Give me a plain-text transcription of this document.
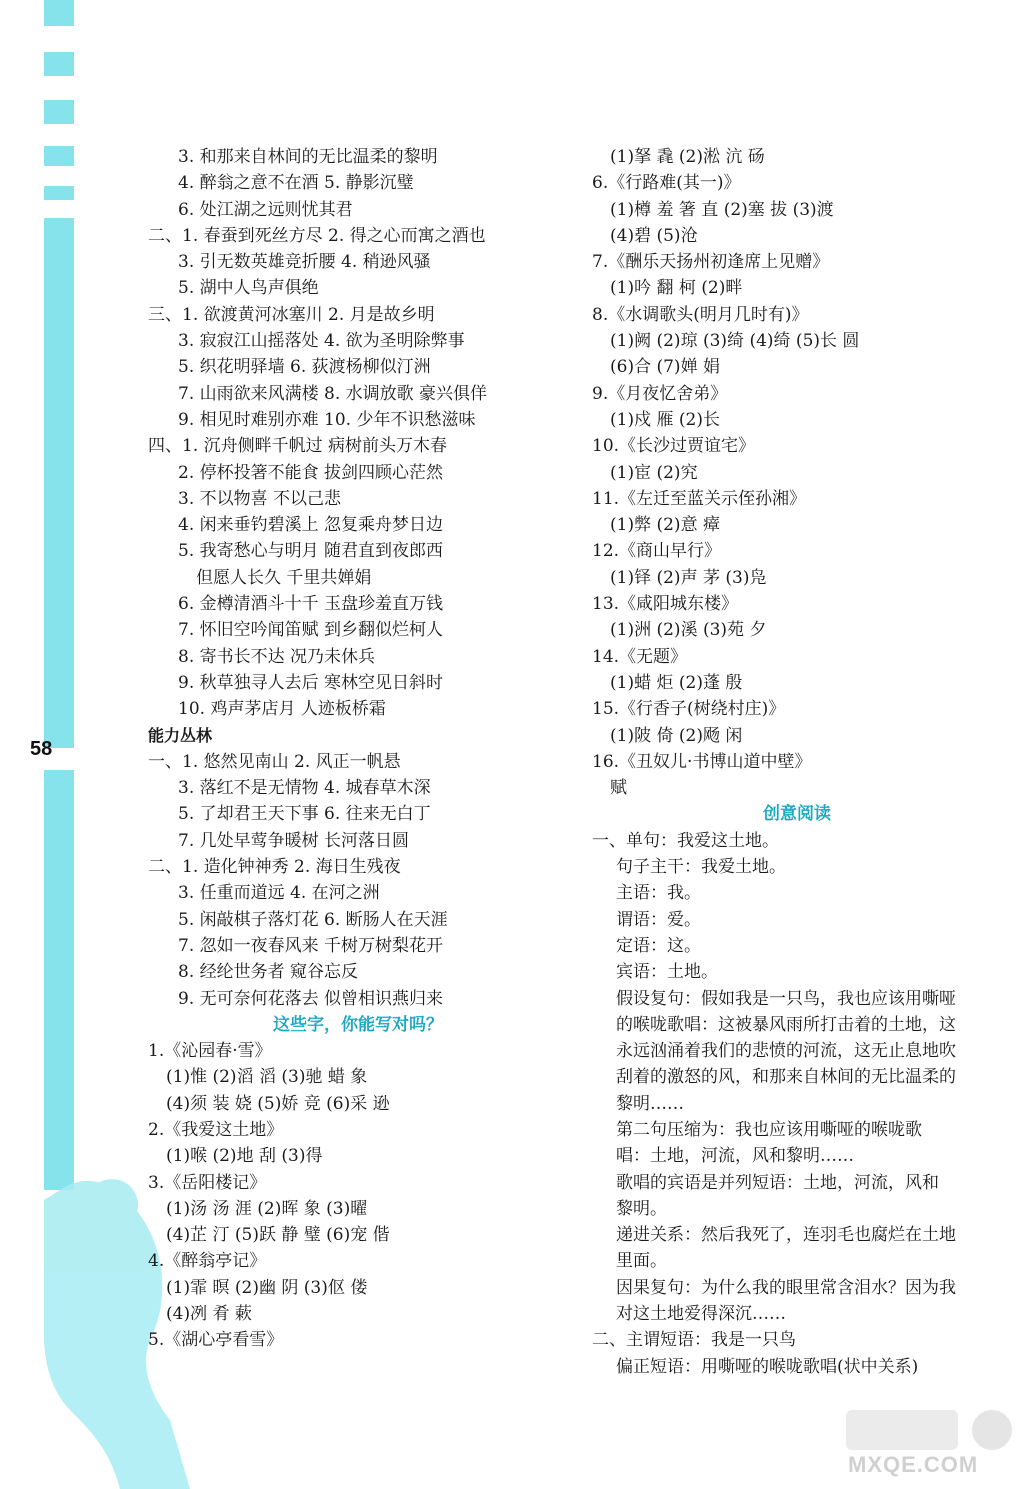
58
3. 和那来自林间的无比温柔的黎明
4. 醉翁之意不在酒 5. 静影沉璧
6. 处江湖之远则忧其君
二、1. 春蚕到死丝方尽 2. 得之心而寓之酒也
3. 引无数英雄竞折腰 4. 稍逊风骚
5. 湖中人鸟声俱绝
三、1. 欲渡黄河冰塞川 2. 月是故乡明
3. 寂寂江山摇落处 4. 欲为圣明除弊事
5. 织花明驿墙 6. 荻渡杨柳似汀洲
7. 山雨欲来风满楼 8. 水调放歌 豪兴俱佯
9. 相见时难别亦难 10. 少年不识愁滋味
四、1. 沉舟侧畔千帆过 病树前头万木春
2. 停杯投箸不能食 拔剑四顾心茫然
3. 不以物喜 不以己悲
4. 闲来垂钓碧溪上 忽复乘舟梦日边
5. 我寄愁心与明月 随君直到夜郎西
但愿人长久 千里共婵娟
6. 金樽清酒斗十千 玉盘珍羞直万钱
7. 怀旧空吟闻笛赋 到乡翻似烂柯人
8. 寄书长不达 况乃未休兵
9. 秋草独寻人去后 寒林空见日斜时
10. 鸡声茅店月 人迹板桥霜
能力丛林
一、1. 悠然见南山 2. 风正一帆悬
3. 落红不是无情物 4. 城春草木深
5. 了却君王天下事 6. 往来无白丁
7. 几处早莺争暖树 长河落日圆
二、1. 造化钟神秀 2. 海日生残夜
3. 任重而道远 4. 在河之洲
5. 闲敲棋子落灯花 6. 断肠人在天涯
7. 忽如一夜春风来 千树万树梨花开
8. 经纶世务者 窥谷忘反
9. 无可奈何花落去 似曾相识燕归来
这些字，你能写对吗？
1.《沁园春·雪》
(1)惟 (2)滔 滔 (3)驰 蜡 象
(4)须 装 娆 (5)娇 竞 (6)采 逊
2.《我爱这土地》
(1)喉 (2)地 刮 (3)得
3.《岳阳楼记》
(1)汤 汤 涯 (2)晖 象 (3)曜
(4)芷 汀 (5)跃 静 璧 (6)宠 偕
4.《醉翁亭记》
(1)霏 暝 (2)幽 阴 (3)伛 偻
(4)冽 肴 蔌
5.《湖心亭看雪》
(1)拏 毳 (2)淞 沆 砀
6.《行路难(其一)》
(1)樽 羞 箸 直 (2)塞 拔 (3)渡
(4)碧 (5)沧
7.《酬乐天扬州初逢席上见赠》
(1)吟 翻 柯 (2)畔
8.《水调歌头(明月几时有)》
(1)阙 (2)琼 (3)绮 (4)绮 (5)长 圆
(6)合 (7)婵 娟
9.《月夜忆舍弟》
(1)戍 雁 (2)长
10.《长沙过贾谊宅》
(1)宦 (2)究
11.《左迁至蓝关示侄孙湘》
(1)弊 (2)意 瘴
12.《商山早行》
(1)铎 (2)声 茅 (3)凫
13.《咸阳城东楼》
(1)洲 (2)溪 (3)苑 夕
14.《无题》
(1)蜡 炬 (2)蓬 殷
15.《行香子(树绕村庄)》
(1)陂 倚 (2)飏 闲
16.《丑奴儿·书博山道中壁》
赋
创意阅读
一、单句：我爱这土地。
句子主干：我爱土地。
主语：我。
谓语：爱。
定语：这。
宾语：土地。
假设复句：假如我是一只鸟，我也应该用嘶哑
的喉咙歌唱：这被暴风雨所打击着的土地，这
永远汹涌着我们的悲愤的河流，这无止息地吹
刮着的激怒的风，和那来自林间的无比温柔的
黎明……
第二句压缩为：我也应该用嘶哑的喉咙歌
唱：土地，河流，风和黎明……
歌唱的宾语是并列短语：土地，河流，风和
黎明。
递进关系：然后我死了，连羽毛也腐烂在土地
里面。
因果复句：为什么我的眼里常含泪水？因为我
对这土地爱得深沉……
二、主谓短语：我是一只鸟
偏正短语：用嘶哑的喉咙歌唱(状中关系)
MXQE.COM
